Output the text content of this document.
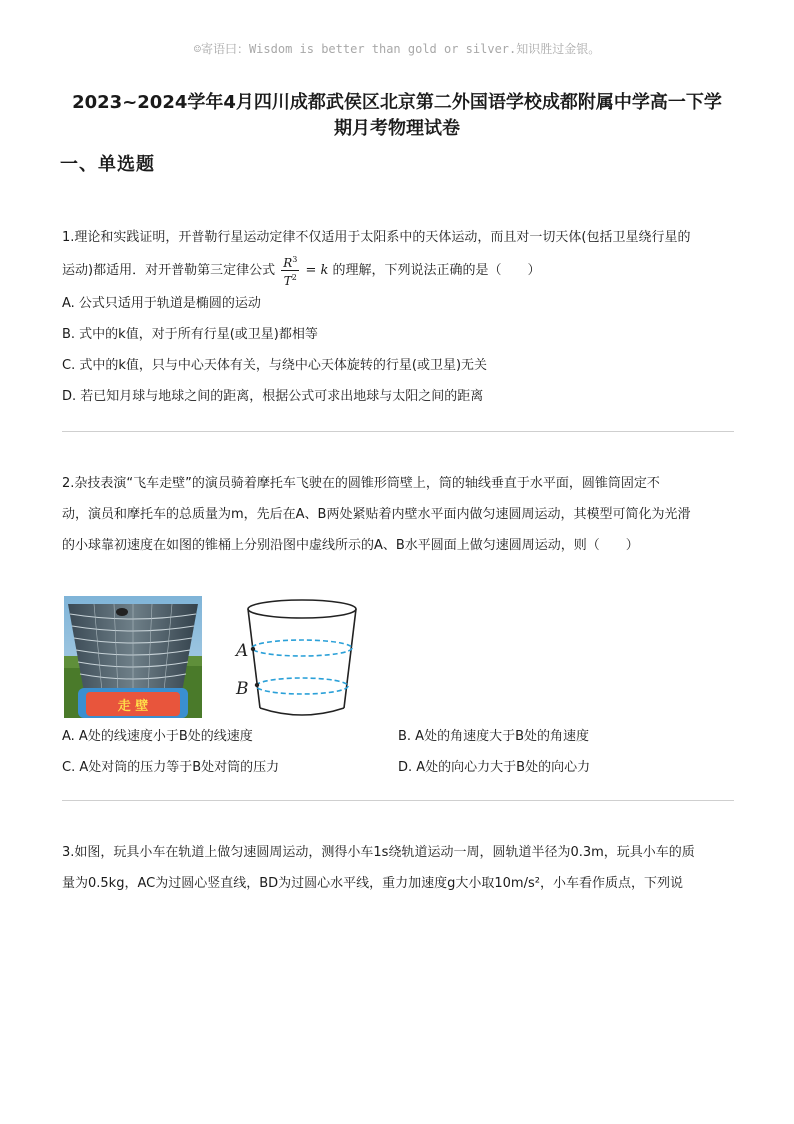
☺寄语曰：Wisdom is better than gold or silver.知识胜过金银。
2023~2024学年4月四川成都武侯区北京第二外国语学校成都附属中学高一下学
期月考物理试卷
一、单选题
1.理论和实践证明，开普勒行星运动定律不仅适用于太阳系中的天体运动，而且对一切天体(包括卫星绕行星的
运动)都适用．对开普勒第三定律公式 $\frac{R^3}{T^2} = k$ 的理解，下列说法正确的是（　　）
A. 公式只适用于轨道是椭圆的运动
B. 式中的k值，对于所有行星(或卫星)都相等
C. 式中的k值，只与中心天体有关，与绕中心天体旋转的行星(或卫星)无关
D. 若已知月球与地球之间的距离，根据公式可求出地球与太阳之间的距离
2.杂技表演“飞车走壁”的演员骑着摩托车飞驶在的圆锥形筒壁上，筒的轴线垂直于水平面，圆锥筒固定不
动，演员和摩托车的总质量为m，先后在A、B两处紧贴着内壁水平面内做匀速圆周运动，其模型可简化为光滑
的小球靠初速度在如图的锥桶上分别沿图中虚线所示的A、B水平圆面上做匀速圆周运动，则（　　）
走 壁
A
B
A. A处的线速度小于B处的线速度	B. A处的角速度大于B处的角速度
C. A处对筒的压力等于B处对筒的压力	D. A处的向心力大于B处的向心力
3.如图，玩具小车在轨道上做匀速圆周运动，测得小车1s绕轨道运动一周，圆轨道半径为0.3m，玩具小车的质
量为0.5kg，AC为过圆心竖直线，BD为过圆心水平线，重力加速度g大小取10m/s²，小车看作质点，下列说
